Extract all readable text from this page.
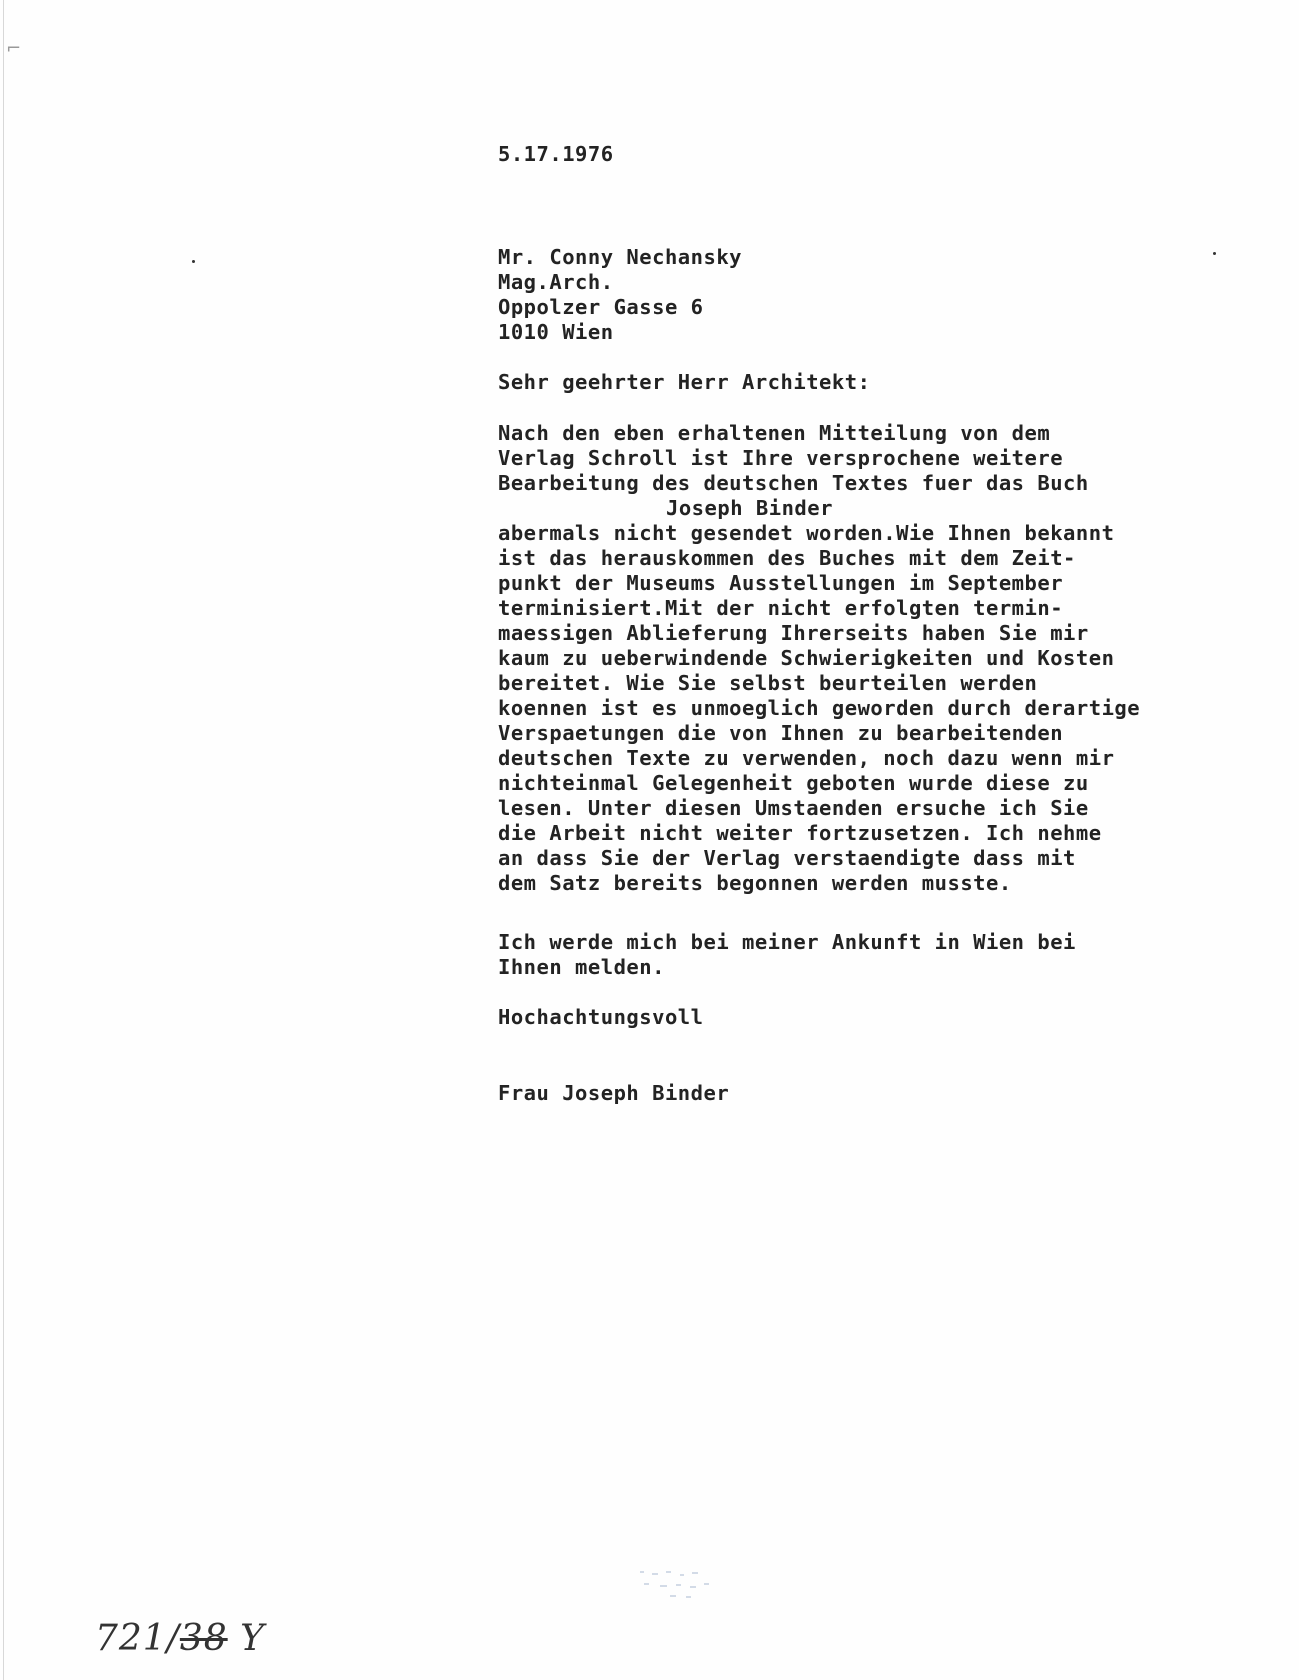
⌐
5.17.1976
Mr. Conny Nechansky
Mag.Arch.
Oppolzer Gasse 6
1010 Wien
Sehr geehrter Herr Architekt:
Nach den eben erhaltenen Mitteilung von dem
Verlag Schroll ist Ihre versprochene weitere
Bearbeitung des deutschen Textes fuer das Buch
Joseph Binder
abermals nicht gesendet worden.Wie Ihnen bekannt
ist das herauskommen des Buches mit dem Zeit-
punkt der Museums Ausstellungen im September
terminisiert.Mit der nicht erfolgten termin-
maessigen Ablieferung Ihrerseits haben Sie mir
kaum zu ueberwindende Schwierigkeiten und Kosten
bereitet. Wie Sie selbst beurteilen werden
koennen ist es unmoeglich geworden durch derartige
Verspaetungen die von Ihnen zu bearbeitenden
deutschen Texte zu verwenden, noch dazu wenn mir
nichteinmal Gelegenheit geboten wurde diese zu
lesen. Unter diesen Umstaenden ersuche ich Sie
die Arbeit nicht weiter fortzusetzen. Ich nehme
an dass Sie der Verlag verstaendigte dass mit
dem Satz bereits begonnen werden musste.
Ich werde mich bei meiner Ankunft in Wien bei
Ihnen melden.
Hochachtungsvoll
Frau Joseph Binder
721/38 Y
